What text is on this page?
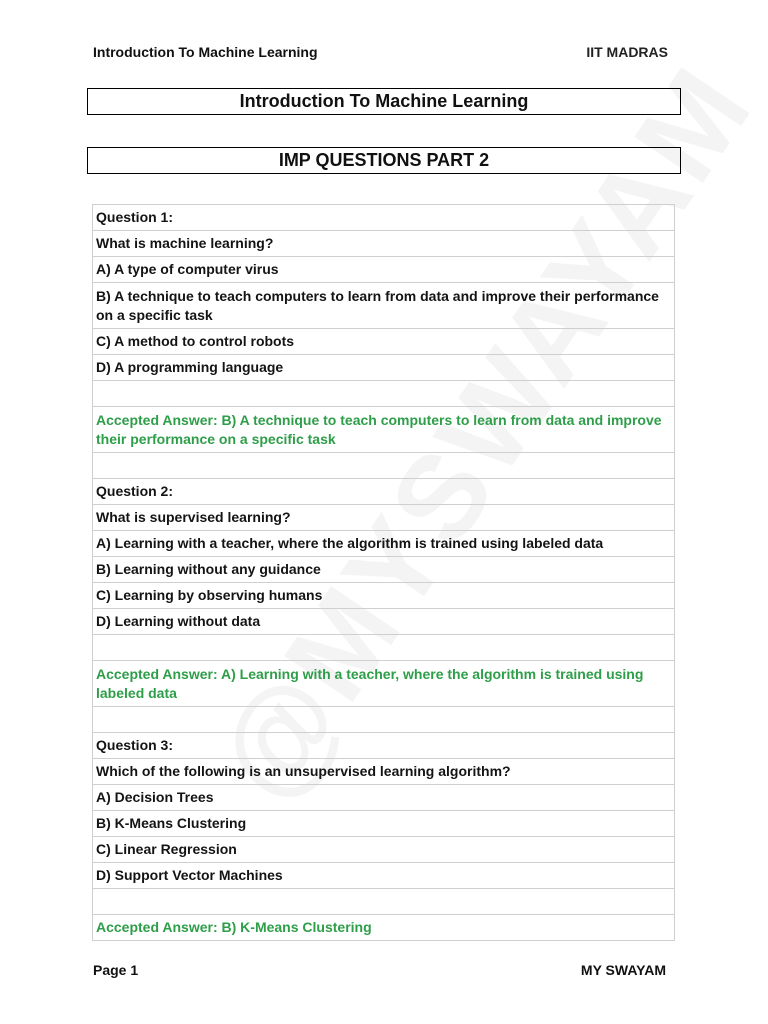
Introduction To Machine Learning	IIT MADRAS
Introduction To Machine Learning
IMP QUESTIONS PART 2
Question 1:
What is machine learning?
A) A type of computer virus
B) A technique to teach computers to learn from data and improve their performance on a specific task
C) A method to control robots
D) A programming language

Accepted Answer: B) A technique to teach computers to learn from data and improve their performance on a specific task

Question 2:
What is supervised learning?
A) Learning with a teacher, where the algorithm is trained using labeled data
B) Learning without any guidance
C) Learning by observing humans
D) Learning without data

Accepted Answer: A) Learning with a teacher, where the algorithm is trained using labeled data

Question 3:
Which of the following is an unsupervised learning algorithm?
A) Decision Trees
B) K-Means Clustering
C) Linear Regression
D) Support Vector Machines

Accepted Answer: B) K-Means Clustering
Page 1	MY SWAYAM
